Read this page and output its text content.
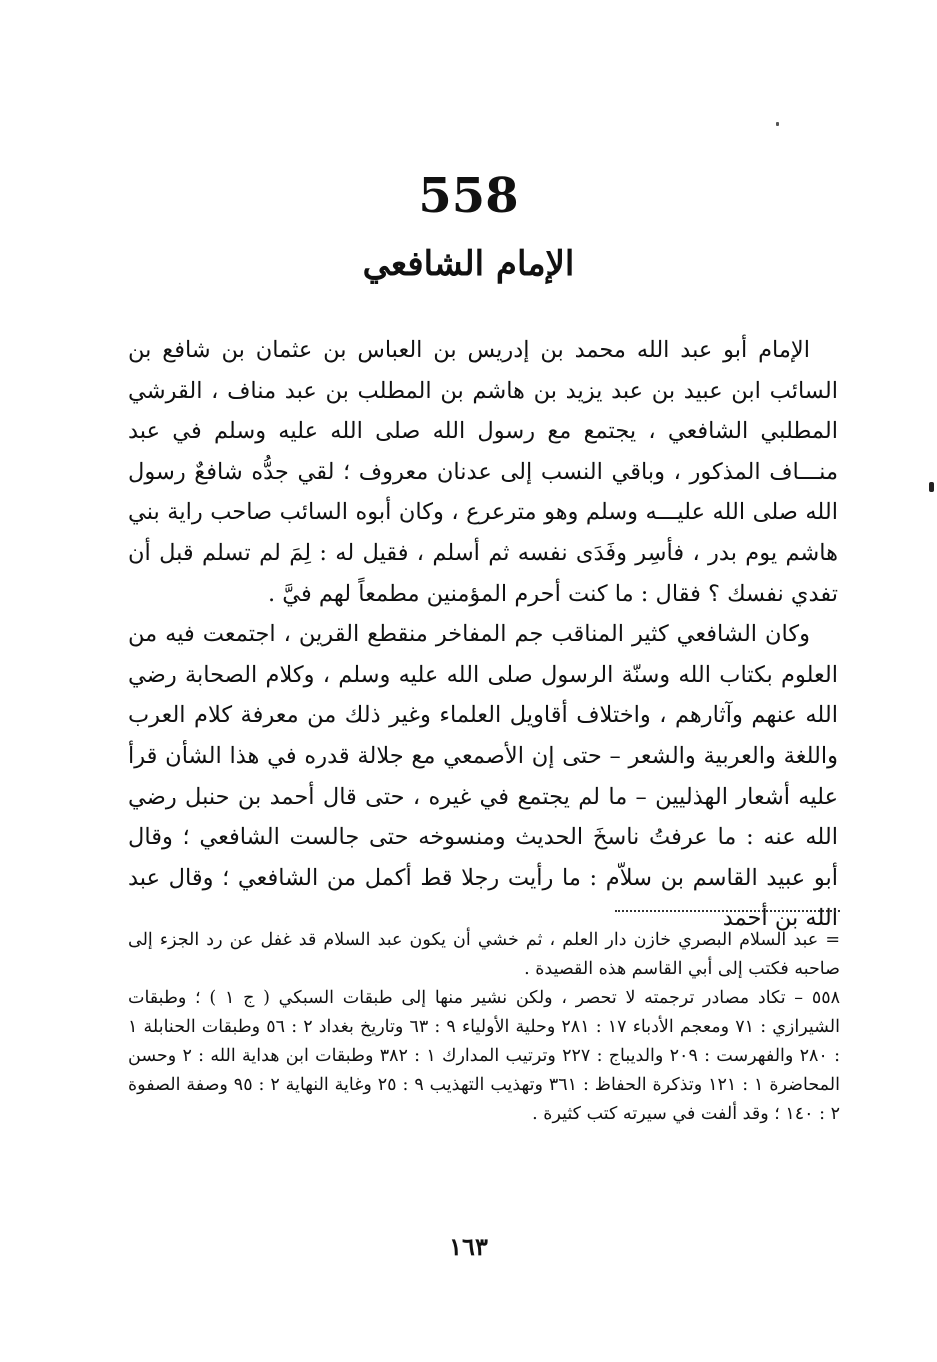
558
الإمام الشافعي

الإمام أبو عبد الله محمد بن إدريس بن العباس بن عثمان بن شافع بن السائب ابن عبيد بن عبد يزيد بن هاشم بن المطلب بن عبد مناف ، القرشي المطلبي الشافعي ، يجتمع مع رسول الله صلى الله عليه وسلم في عبد منـــاف المذكور ، وباقي النسب إلى عدنان معروف ؛ لقي جدُّه شافعٌ رسول الله صلى الله عليـــه وسلم وهو مترعرع ، وكان أبوه السائب صاحب راية بني هاشم يوم بدر ، فأسِر وفَدَى نفسه ثم أسلم ، فقيل له : لِمَ لم تسلم قبل أن تفدي نفسك ؟ فقال : ما كنت أحرم المؤمنين مطمعاً لهم فيَّ .

وكان الشافعي كثير المناقب جم المفاخر منقطع القرين ، اجتمعت فيه من العلوم بكتاب الله وسنّة الرسول صلى الله عليه وسلم ، وكلام الصحابة رضي الله عنهم وآثارهم ، واختلاف أقاويل العلماء وغير ذلك من معرفة كلام العرب واللغة والعربية والشعر – حتى إن الأصمعي مع جلالة قدره في هذا الشأن قرأ عليه أشعار الهذليين – ما لم يجتمع في غيره ، حتى قال أحمد بن حنبل رضي الله عنه : ما عرفتُ ناسخَ الحديث ومنسوخه حتى جالست الشافعي ؛ وقال أبو عبيد القاسم بن سلاّم : ما رأيت رجلا قط أكمل من الشافعي ؛ وقال عبد الله بن أحمد

= عبد السلام البصري خازن دار العلم ، ثم خشي أن يكون عبد السلام قد غفل عن رد الجزء إلى صاحبه فكتب إلى أبي القاسم هذه القصيدة .

٥٥٨ – تكاد مصادر ترجمته لا تحصر ، ولكن نشير منها إلى طبقات السبكي ( ج ١ ) ؛ وطبقات الشيرازي : ٧١ ومعجم الأدباء ١٧ : ٢٨١ وحلية الأولياء ٩ : ٦٣ وتاريخ بغداد ٢ : ٥٦ وطبقات الحنابلة ١ : ٢٨٠ والفهرست : ٢٠٩ والديباج : ٢٢٧ وترتيب المدارك ١ : ٣٨٢ وطبقات ابن هداية الله : ٢ وحسن المحاضرة ١ : ١٢١ وتذكرة الحفاظ : ٣٦١ وتهذيب التهذيب ٩ : ٢٥ وغاية النهاية ٢ : ٩٥ وصفة الصفوة ٢ : ١٤٠ ؛ وقد ألفت في سيرته كتب كثيرة .

١٦٣
